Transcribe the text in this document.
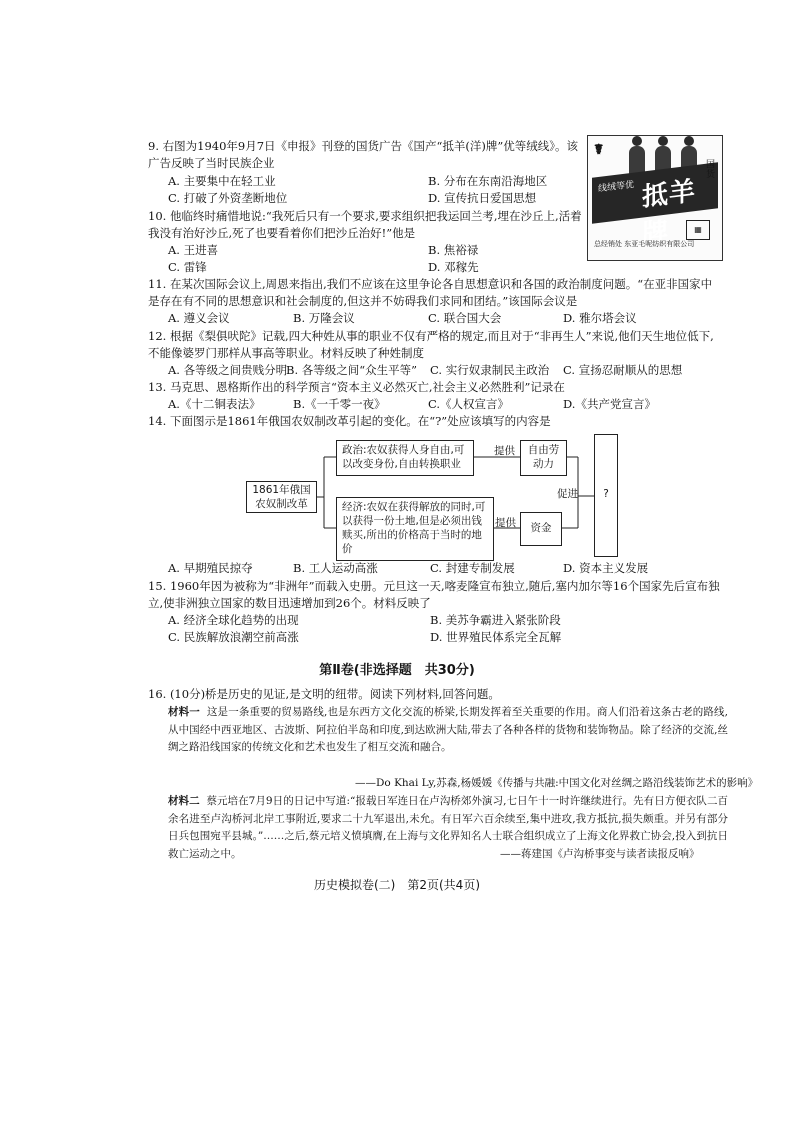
9. 右图为1940年9月7日《申报》刊登的国货广告《国产“抵羊(洋)牌”优等绒线》。该广告反映了当时民族企业
A. 主要集中在轻工业	B. 分布在东南沿海地区
C. 打破了外资垄断地位	D. 宣传抗日爱国思想
☤
线绒等优 抵羊牌
国货
▦
总经销处 东亚毛呢纺织有限公司
10. 他临终时痛惜地说:“我死后只有一个要求,要求组织把我运回兰考,埋在沙丘上,活着我没有治好沙丘,死了也要看着你们把沙丘治好!”他是
A. 王进喜	B. 焦裕禄
C. 雷锋	D. 邓稼先
11. 在某次国际会议上,周恩来指出,我们不应该在这里争论各自思想意识和各国的政治制度问题。“在亚非国家中是存在有不同的思想意识和社会制度的,但这并不妨碍我们求同和团结。”该国际会议是
A. 遵义会议	B. 万隆会议	C. 联合国大会	D. 雅尔塔会议
12. 根据《梨俱吠陀》记载,四大种姓从事的职业不仅有严格的规定,而且对于“非再生人”来说,他们天生地位低下,不能像婆罗门那样从事高等职业。材料反映了种姓制度
A. 各等级之间贵贱分明
B. 各等级之间“众生平等” C. 实行奴隶制民主政治 C. 宣扬忍耐顺从的思想
13. 马克思、恩格斯作出的科学预言“资本主义必然灭亡,社会主义必然胜利”记录在
A.《十二铜表法》	B.《一千零一夜》	C.《人权宣言》	D.《共产党宣言》
14. 下面图示是1861年俄国农奴制改革引起的变化。在“?”处应该填写的内容是
1861年俄国农奴制改革
政治:农奴获得人身自由,可以改变身份,自由转换职业
经济:农奴在获得解放的同时,可以获得一份土地,但是必须出钱赎买,所出的价格高于当时的地价
自由劳动力
资金
?
提供
提供
促进
A. 早期殖民掠夺	B. 工人运动高涨	C. 封建专制发展	D. 资本主义发展
15. 1960年因为被称为“非洲年”而载入史册。元旦这一天,喀麦隆宣布独立,随后,塞内加尔等16个国家先后宣布独立,使非洲独立国家的数目迅速增加到26个。材料反映了
A. 经济全球化趋势的出现	B. 美苏争霸进入紧张阶段
C. 民族解放浪潮空前高涨	D. 世界殖民体系完全瓦解
第Ⅱ卷(非选择题　共30分)
16. (10分)桥是历史的见证,是文明的纽带。阅读下列材料,回答问题。
材料一 这是一条重要的贸易路线,也是东西方文化交流的桥梁,长期发挥着至关重要的作用。商人们沿着这条古老的路线,从中国经中西亚地区、古波斯、阿拉伯半岛和印度,到达欧洲大陆,带去了各种各样的货物和装饰物品。除了经济的交流,丝绸之路沿线国家的传统文化和艺术也发生了相互交流和融合。
——Do Khai Ly,苏森,杨媛媛《传播与共融:中国文化对丝绸之路沿线装饰艺术的影响》
材料二 蔡元培在7月9日的日记中写道:“报载日军连日在卢沟桥郊外演习,七日午十一时许继续进行。先有日方便衣队二百余名进至卢沟桥河北岸工事附近,要求二十九军退出,未允。有日军六百余续至,集中进攻,我方抵抗,损失颇重。并另有部分日兵包围宛平县城。”……之后,蔡元培义愤填膺,在上海与文化界知名人士联合组织成立了上海文化界救亡协会,投入到抗日救亡运动之中。	——蒋建国《卢沟桥事变与读者读报反响》
历史模拟卷(二)　第2页(共4页)
